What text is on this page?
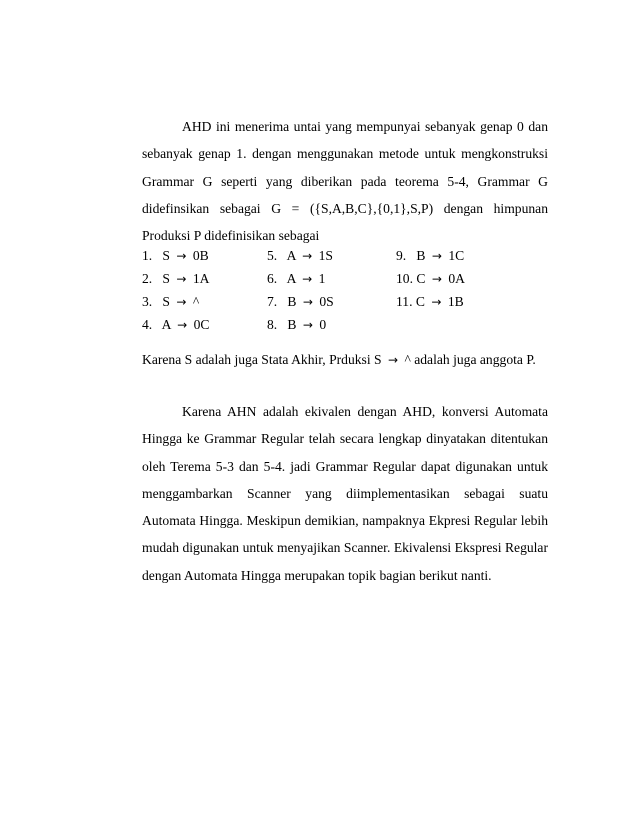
AHD ini menerima untai yang mempunyai sebanyak genap 0 dan sebanyak genap 1. dengan menggunakan metode untuk mengkonstruksi Grammar G seperti yang diberikan pada teorema 5-4, Grammar G didefinsikan sebagai G = ({S,A,B,C},{0,1},S,P) dengan himpunan Produksi P didefinisikan sebagai

1. S → 0B
2. S → 1A
3. S → ^
4. A → 0C
5. A → 1S
6. A → 1
7. B → 0S
8. B → 0
9. B → 1C
10. C → 0A
11. C → 1B

Karena S adalah juga Stata Akhir, Prduksi S → ^ adalah juga anggota P.

Karena AHN adalah ekivalen dengan AHD, konversi Automata Hingga ke Grammar Regular telah secara lengkap dinyatakan ditentukan oleh Terema 5-3 dan 5-4. jadi Grammar Regular dapat digunakan untuk menggambarkan Scanner yang diimplementasikan sebagai suatu Automata Hingga. Meskipun demikian, nampaknya Ekpresi Regular lebih mudah digunakan untuk menyajikan Scanner. Ekivalensi Ekspresi Regular dengan Automata Hingga merupakan topik bagian berikut nanti.
